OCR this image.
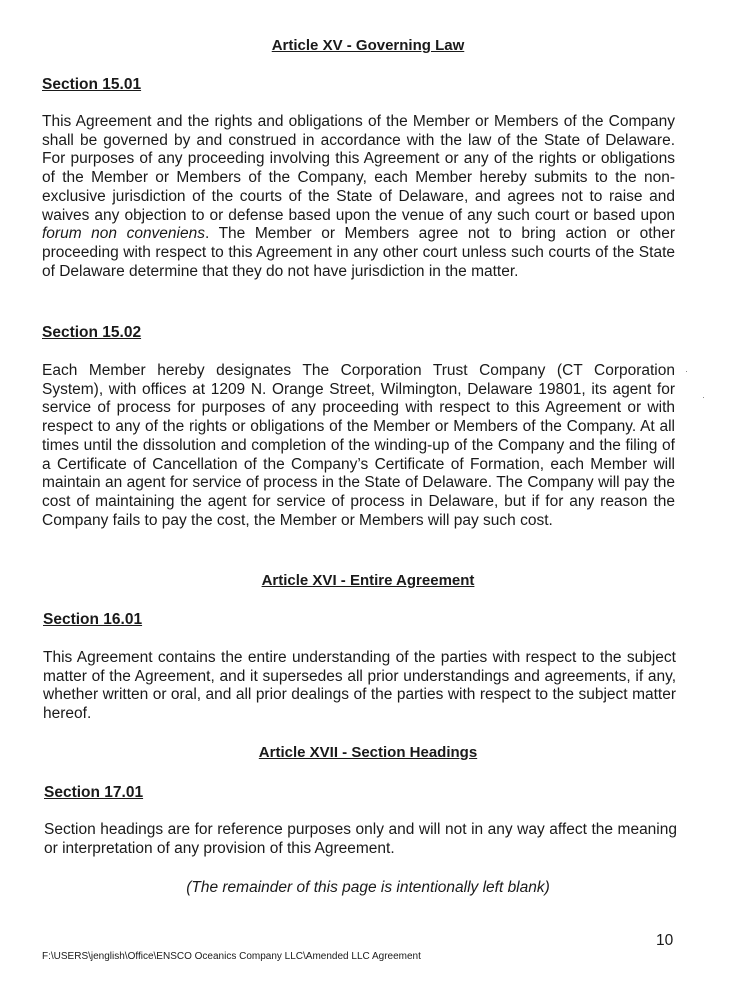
Article XV - Governing Law
Section 15.01

This Agreement and the rights and obligations of the Member or Members of the Company shall be governed by and construed in accordance with the law of the State of Delaware. For purposes of any proceeding involving this Agreement or any of the rights or obligations of the Member or Members of the Company, each Member hereby submits to the non-exclusive jurisdiction of the courts of the State of Delaware, and agrees not to raise and waives any objection to or defense based upon the venue of any such court or based upon forum non conveniens. The Member or Members agree not to bring action or other proceeding with respect to this Agreement in any other court unless such courts of the State of Delaware determine that they do not have jurisdiction in the matter.

Section 15.02

Each Member hereby designates The Corporation Trust Company (CT Corporation System), with offices at 1209 N. Orange Street, Wilmington, Delaware 19801, its agent for service of process for purposes of any proceeding with respect to this Agreement or with respect to any of the rights or obligations of the Member or Members of the Company. At all times until the dissolution and completion of the winding-up of the Company and the filing of a Certificate of Cancellation of the Company’s Certificate of Formation, each Member will maintain an agent for service of process in the State of Delaware. The Company will pay the cost of maintaining the agent for service of process in Delaware, but if for any reason the Company fails to pay the cost, the Member or Members will pay such cost.

Article XVI - Entire Agreement
Section 16.01

This Agreement contains the entire understanding of the parties with respect to the subject matter of the Agreement, and it supersedes all prior understandings and agreements, if any, whether written or oral, and all prior dealings of the parties with respect to the subject matter hereof.

Article XVII - Section Headings
Section 17.01

Section headings are for reference purposes only and will not in any way affect the meaning or interpretation of any provision of this Agreement.

(The remainder of this page is intentionally left blank)

10

F:\USERS\jenglish\Office\ENSCO Oceanics Company LLC\Amended LLC Agreement
